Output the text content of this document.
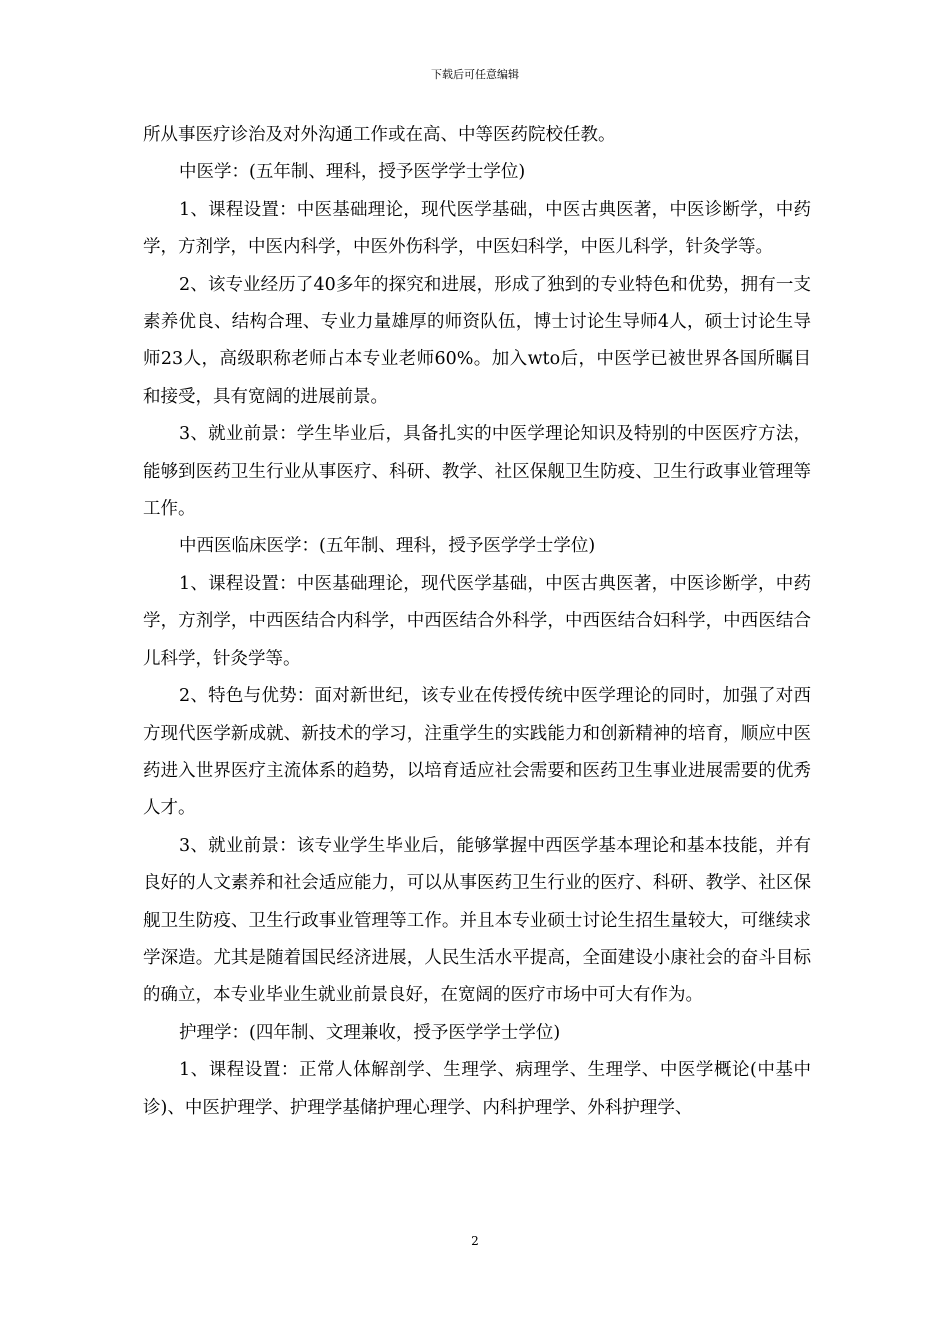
下载后可任意编辑

所从事医疗诊治及对外沟通工作或在高、中等医药院校任教。

中医学：(五年制、理科，授予医学学士学位)

1、课程设置：中医基础理论，现代医学基础，中医古典医著，中医诊断学，中药学，方剂学，中医内科学，中医外伤科学，中医妇科学，中医儿科学，针灸学等。

2、该专业经历了40多年的探究和进展，形成了独到的专业特色和优势，拥有一支素养优良、结构合理、专业力量雄厚的师资队伍，博士讨论生导师4人，硕士讨论生导师23人，高级职称老师占本专业老师60%。加入wto后，中医学已被世界各国所瞩目和接受，具有宽阔的进展前景。

3、就业前景：学生毕业后，具备扎实的中医学理论知识及特别的中医医疗方法，能够到医药卫生行业从事医疗、科研、教学、社区保舰卫生防疫、卫生行政事业管理等工作。

中西医临床医学：(五年制、理科，授予医学学士学位)

1、课程设置：中医基础理论，现代医学基础，中医古典医著，中医诊断学，中药学，方剂学，中西医结合内科学，中西医结合外科学，中西医结合妇科学，中西医结合儿科学，针灸学等。

2、特色与优势：面对新世纪，该专业在传授传统中医学理论的同时，加强了对西方现代医学新成就、新技术的学习，注重学生的实践能力和创新精神的培育，顺应中医药进入世界医疗主流体系的趋势，以培育适应社会需要和医药卫生事业进展需要的优秀人才。

3、就业前景：该专业学生毕业后，能够掌握中西医学基本理论和基本技能，并有良好的人文素养和社会适应能力，可以从事医药卫生行业的医疗、科研、教学、社区保舰卫生防疫、卫生行政事业管理等工作。并且本专业硕士讨论生招生量较大，可继续求学深造。尤其是随着国民经济进展，人民生活水平提高，全面建设小康社会的奋斗目标的确立，本专业毕业生就业前景良好，在宽阔的医疗市场中可大有作为。

护理学：(四年制、文理兼收，授予医学学士学位)

1、课程设置：正常人体解剖学、生理学、病理学、生理学、中医学概论(中基中诊)、中医护理学、护理学基储护理心理学、内科护理学、外科护理学、

2
